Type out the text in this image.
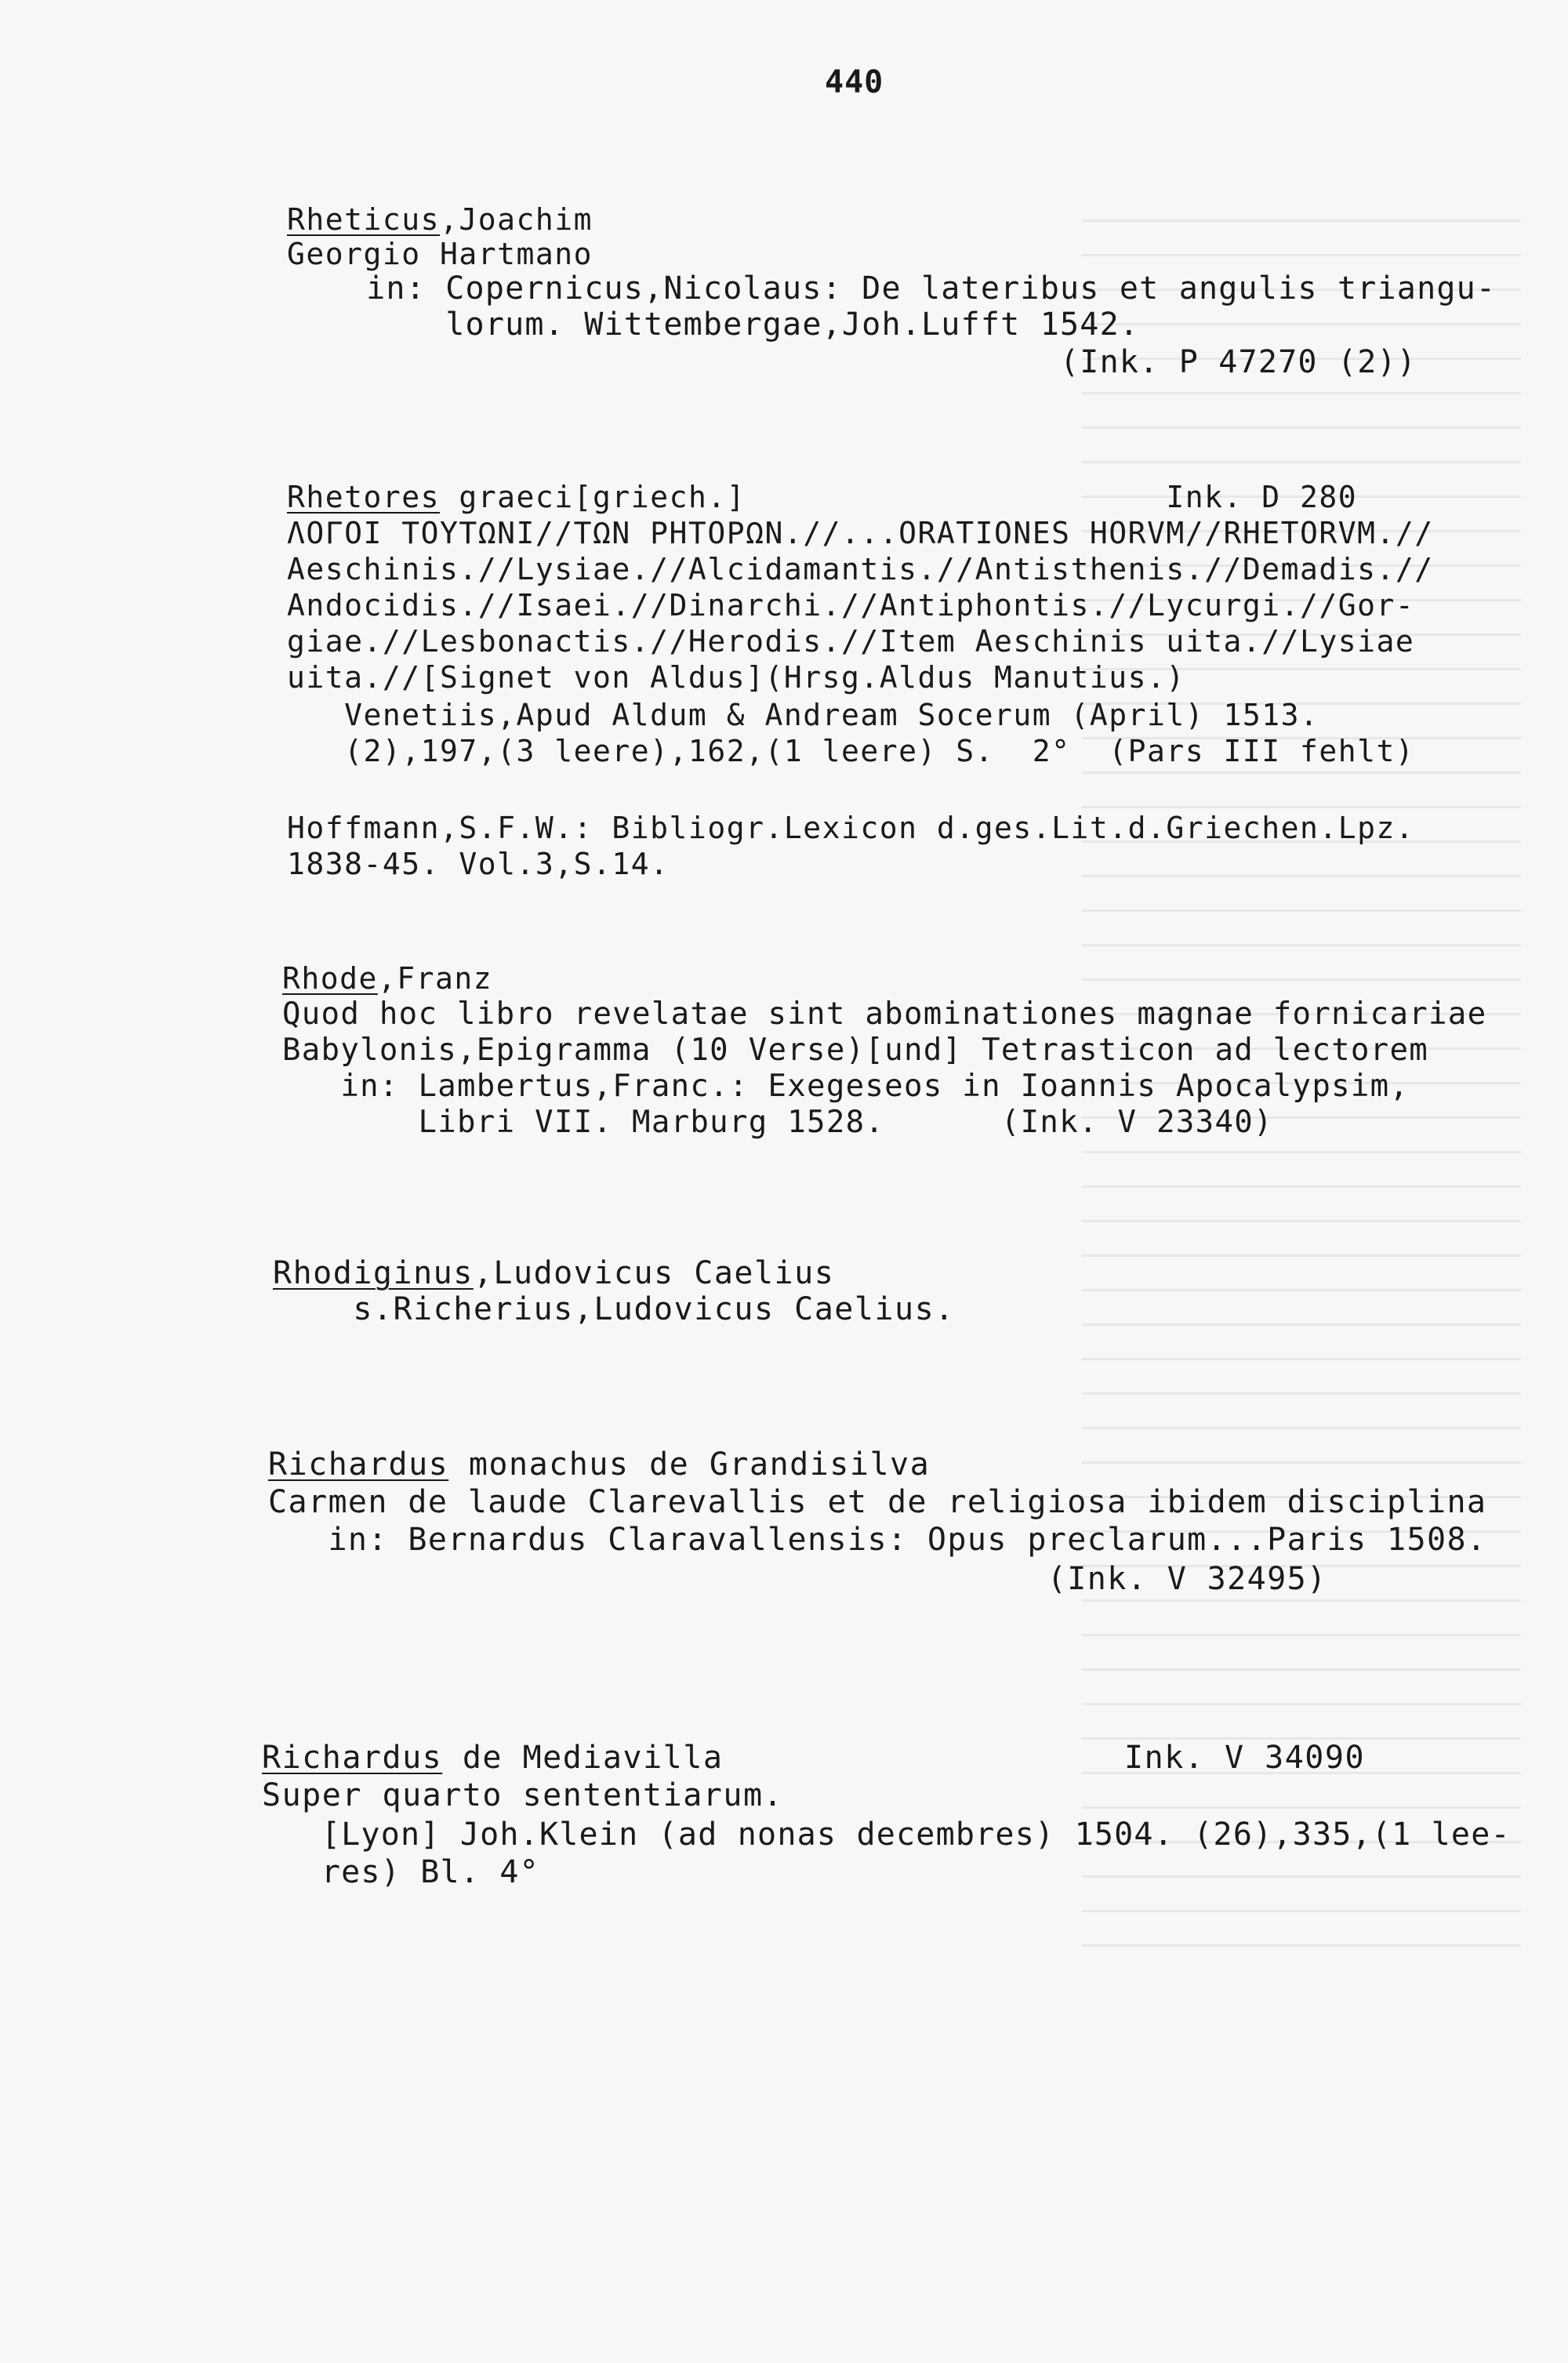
440
Rheticus,Joachim
Georgio Hartmano
in: Copernicus,Nicolaus: De lateribus et angulis triangu-
lorum. Wittembergae,Joh.Lufft 1542.
(Ink. P 47270 (2))
Rhetores graeci[griech.]                      Ink. D 280
ΛΟΓΟΙ ΤΟΥΤΩΝΙ//ΤΩΝ ΡΗΤΟΡΩΝ.//...ORATIONES HORVM//RHETORVM.//
Aeschinis.//Lysiae.//Alcidamantis.//Antisthenis.//Demadis.//
Andocidis.//Isaei.//Dinarchi.//Antiphontis.//Lycurgi.//Gor-
giae.//Lesbonactis.//Herodis.//Item Aeschinis uita.//Lysiae
uita.//[Signet von Aldus](Hrsg.Aldus Manutius.)
Venetiis,Apud Aldum & Andream Socerum (April) 1513.
(2),197,(3 leere),162,(1 leere) S.  2°  (Pars III fehlt)
Hoffmann,S.F.W.: Bibliogr.Lexicon d.ges.Lit.d.Griechen.Lpz.
1838-45. Vol.3,S.14.
Rhode,Franz
Quod hoc libro revelatae sint abominationes magnae fornicariae
Babylonis,Epigramma (10 Verse)[und] Tetrasticon ad lectorem
in: Lambertus,Franc.: Exegeseos in Ioannis Apocalypsim,
Libri VII. Marburg 1528.      (Ink. V 23340)
Rhodiginus,Ludovicus Caelius
s.Richerius,Ludovicus Caelius.
Richardus monachus de Grandisilva
Carmen de laude Clarevallis et de religiosa ibidem disciplina
in: Bernardus Claravallensis: Opus preclarum...Paris 1508.
(Ink. V 32495)
Richardus de Mediavilla                    Ink. V 34090
Super quarto sententiarum.
[Lyon] Joh.Klein (ad nonas decembres) 1504. (26),335,(1 lee-
res) Bl. 4°
